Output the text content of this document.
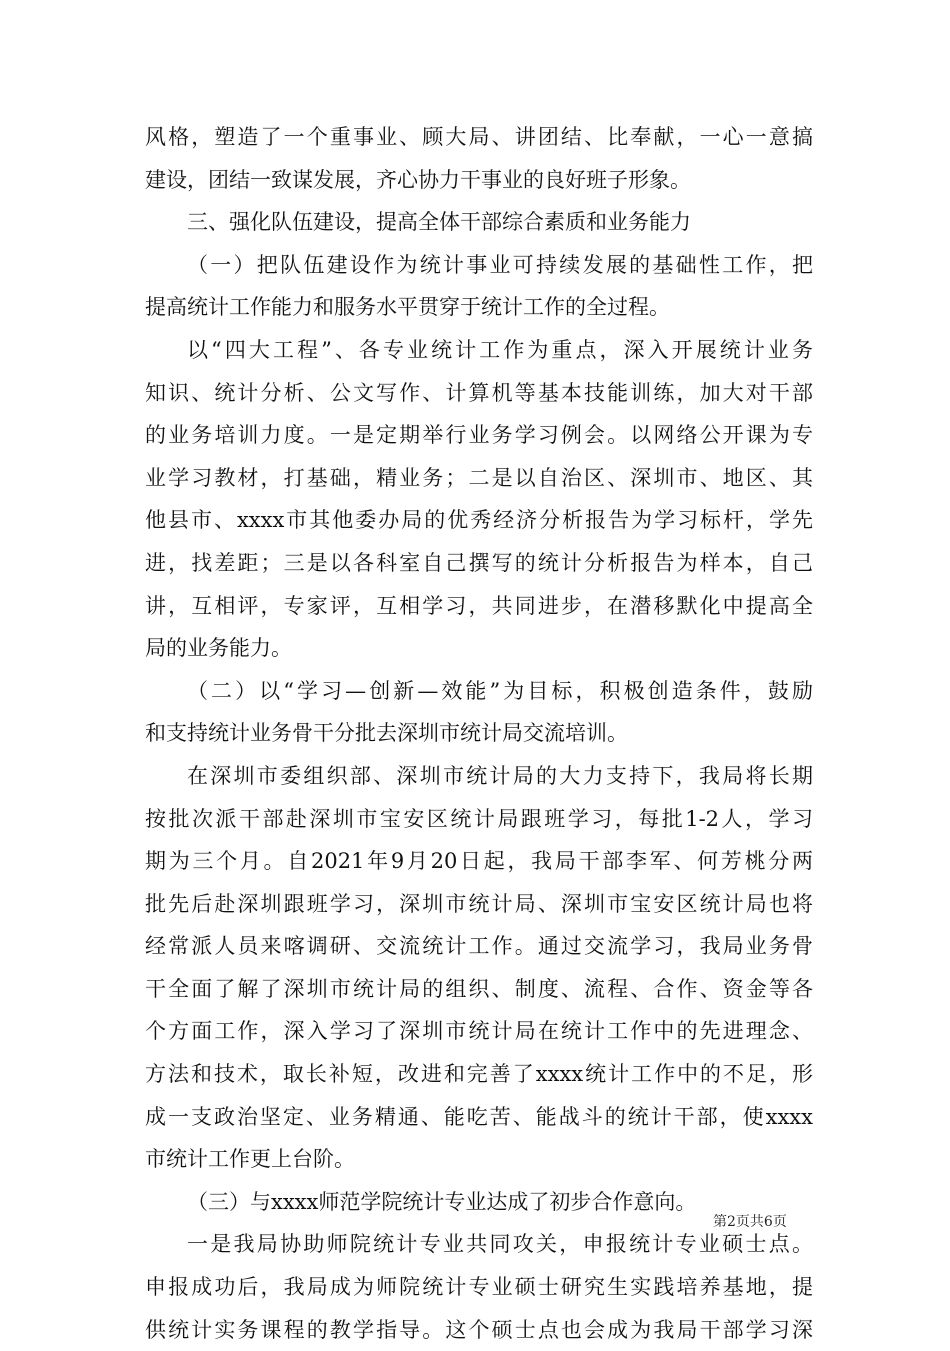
风格，塑造了一个重事业、顾大局、讲团结、比奉献，一心一意搞
建设，团结一致谋发展，齐心协力干事业的良好班子形象。
三、强化队伍建设，提高全体干部综合素质和业务能力
（一）把队伍建设作为统计事业可持续发展的基础性工作，把
提高统计工作能力和服务水平贯穿于统计工作的全过程。
以“四大工程”、各专业统计工作为重点，深入开展统计业务
知识、统计分析、公文写作、计算机等基本技能训练，加大对干部
的业务培训力度。一是定期举行业务学习例会。以网络公开课为专
业学习教材，打基础，精业务；二是以自治区、深圳市、地区、其
他县市、xxxx市其他委办局的优秀经济分析报告为学习标杆，学先
进，找差距；三是以各科室自己撰写的统计分析报告为样本，自己
讲，互相评，专家评，互相学习，共同进步，在潜移默化中提高全
局的业务能力。
（二）以“学习—创新—效能”为目标，积极创造条件，鼓励
和支持统计业务骨干分批去深圳市统计局交流培训。
在深圳市委组织部、深圳市统计局的大力支持下，我局将长期
按批次派干部赴深圳市宝安区统计局跟班学习，每批1-2人，学习
期为三个月。自2021年9月20日起，我局干部李军、何芳桃分两
批先后赴深圳跟班学习，深圳市统计局、深圳市宝安区统计局也将
经常派人员来喀调研、交流统计工作。通过交流学习，我局业务骨
干全面了解了深圳市统计局的组织、制度、流程、合作、资金等各
个方面工作，深入学习了深圳市统计局在统计工作中的先进理念、
方法和技术，取长补短，改进和完善了xxxx统计工作中的不足，形
成一支政治坚定、业务精通、能吃苦、能战斗的统计干部，使xxxx
市统计工作更上台阶。
（三）与xxxx师范学院统计专业达成了初步合作意向。
一是我局协助师院统计专业共同攻关，申报统计专业硕士点。
申报成功后，我局成为师院统计专业硕士研究生实践培养基地，提
供统计实务课程的教学指导。这个硕士点也会成为我局干部学习深
第2页共6页
